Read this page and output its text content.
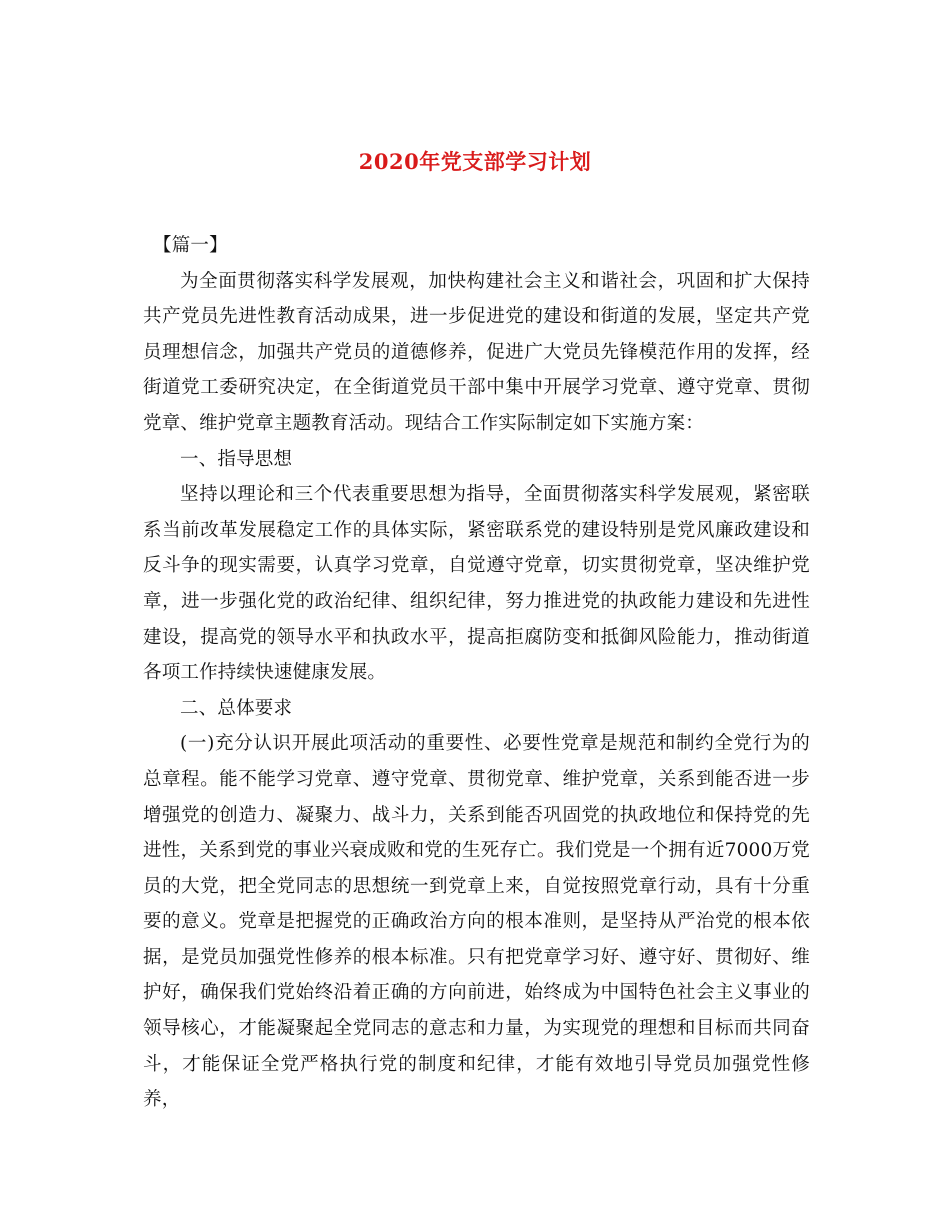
2020年党支部学习计划

【篇一】

为全面贯彻落实科学发展观，加快构建社会主义和谐社会，巩固和扩大保持共产党员先进性教育活动成果，进一步促进党的建设和街道的发展，坚定共产党员理想信念，加强共产党员的道德修养，促进广大党员先锋模范作用的发挥，经街道党工委研究决定，在全街道党员干部中集中开展学习党章、遵守党章、贯彻党章、维护党章主题教育活动。现结合工作实际制定如下实施方案：

一、指导思想

坚持以理论和三个代表重要思想为指导，全面贯彻落实科学发展观，紧密联系当前改革发展稳定工作的具体实际，紧密联系党的建设特别是党风廉政建设和反斗争的现实需要，认真学习党章，自觉遵守党章，切实贯彻党章，坚决维护党章，进一步强化党的政治纪律、组织纪律，努力推进党的执政能力建设和先进性建设，提高党的领导水平和执政水平，提高拒腐防变和抵御风险能力，推动街道各项工作持续快速健康发展。

二、总体要求

(一)充分认识开展此项活动的重要性、必要性党章是规范和制约全党行为的总章程。能不能学习党章、遵守党章、贯彻党章、维护党章，关系到能否进一步增强党的创造力、凝聚力、战斗力，关系到能否巩固党的执政地位和保持党的先进性，关系到党的事业兴衰成败和党的生死存亡。我们党是一个拥有近7000万党员的大党，把全党同志的思想统一到党章上来，自觉按照党章行动，具有十分重要的意义。党章是把握党的正确政治方向的根本准则，是坚持从严治党的根本依据，是党员加强党性修养的根本标准。只有把党章学习好、遵守好、贯彻好、维护好，确保我们党始终沿着正确的方向前进，始终成为中国特色社会主义事业的领导核心，才能凝聚起全党同志的意志和力量，为实现党的理想和目标而共同奋斗，才能保证全党严格执行党的制度和纪律，才能有效地引导党员加强党性修养，
